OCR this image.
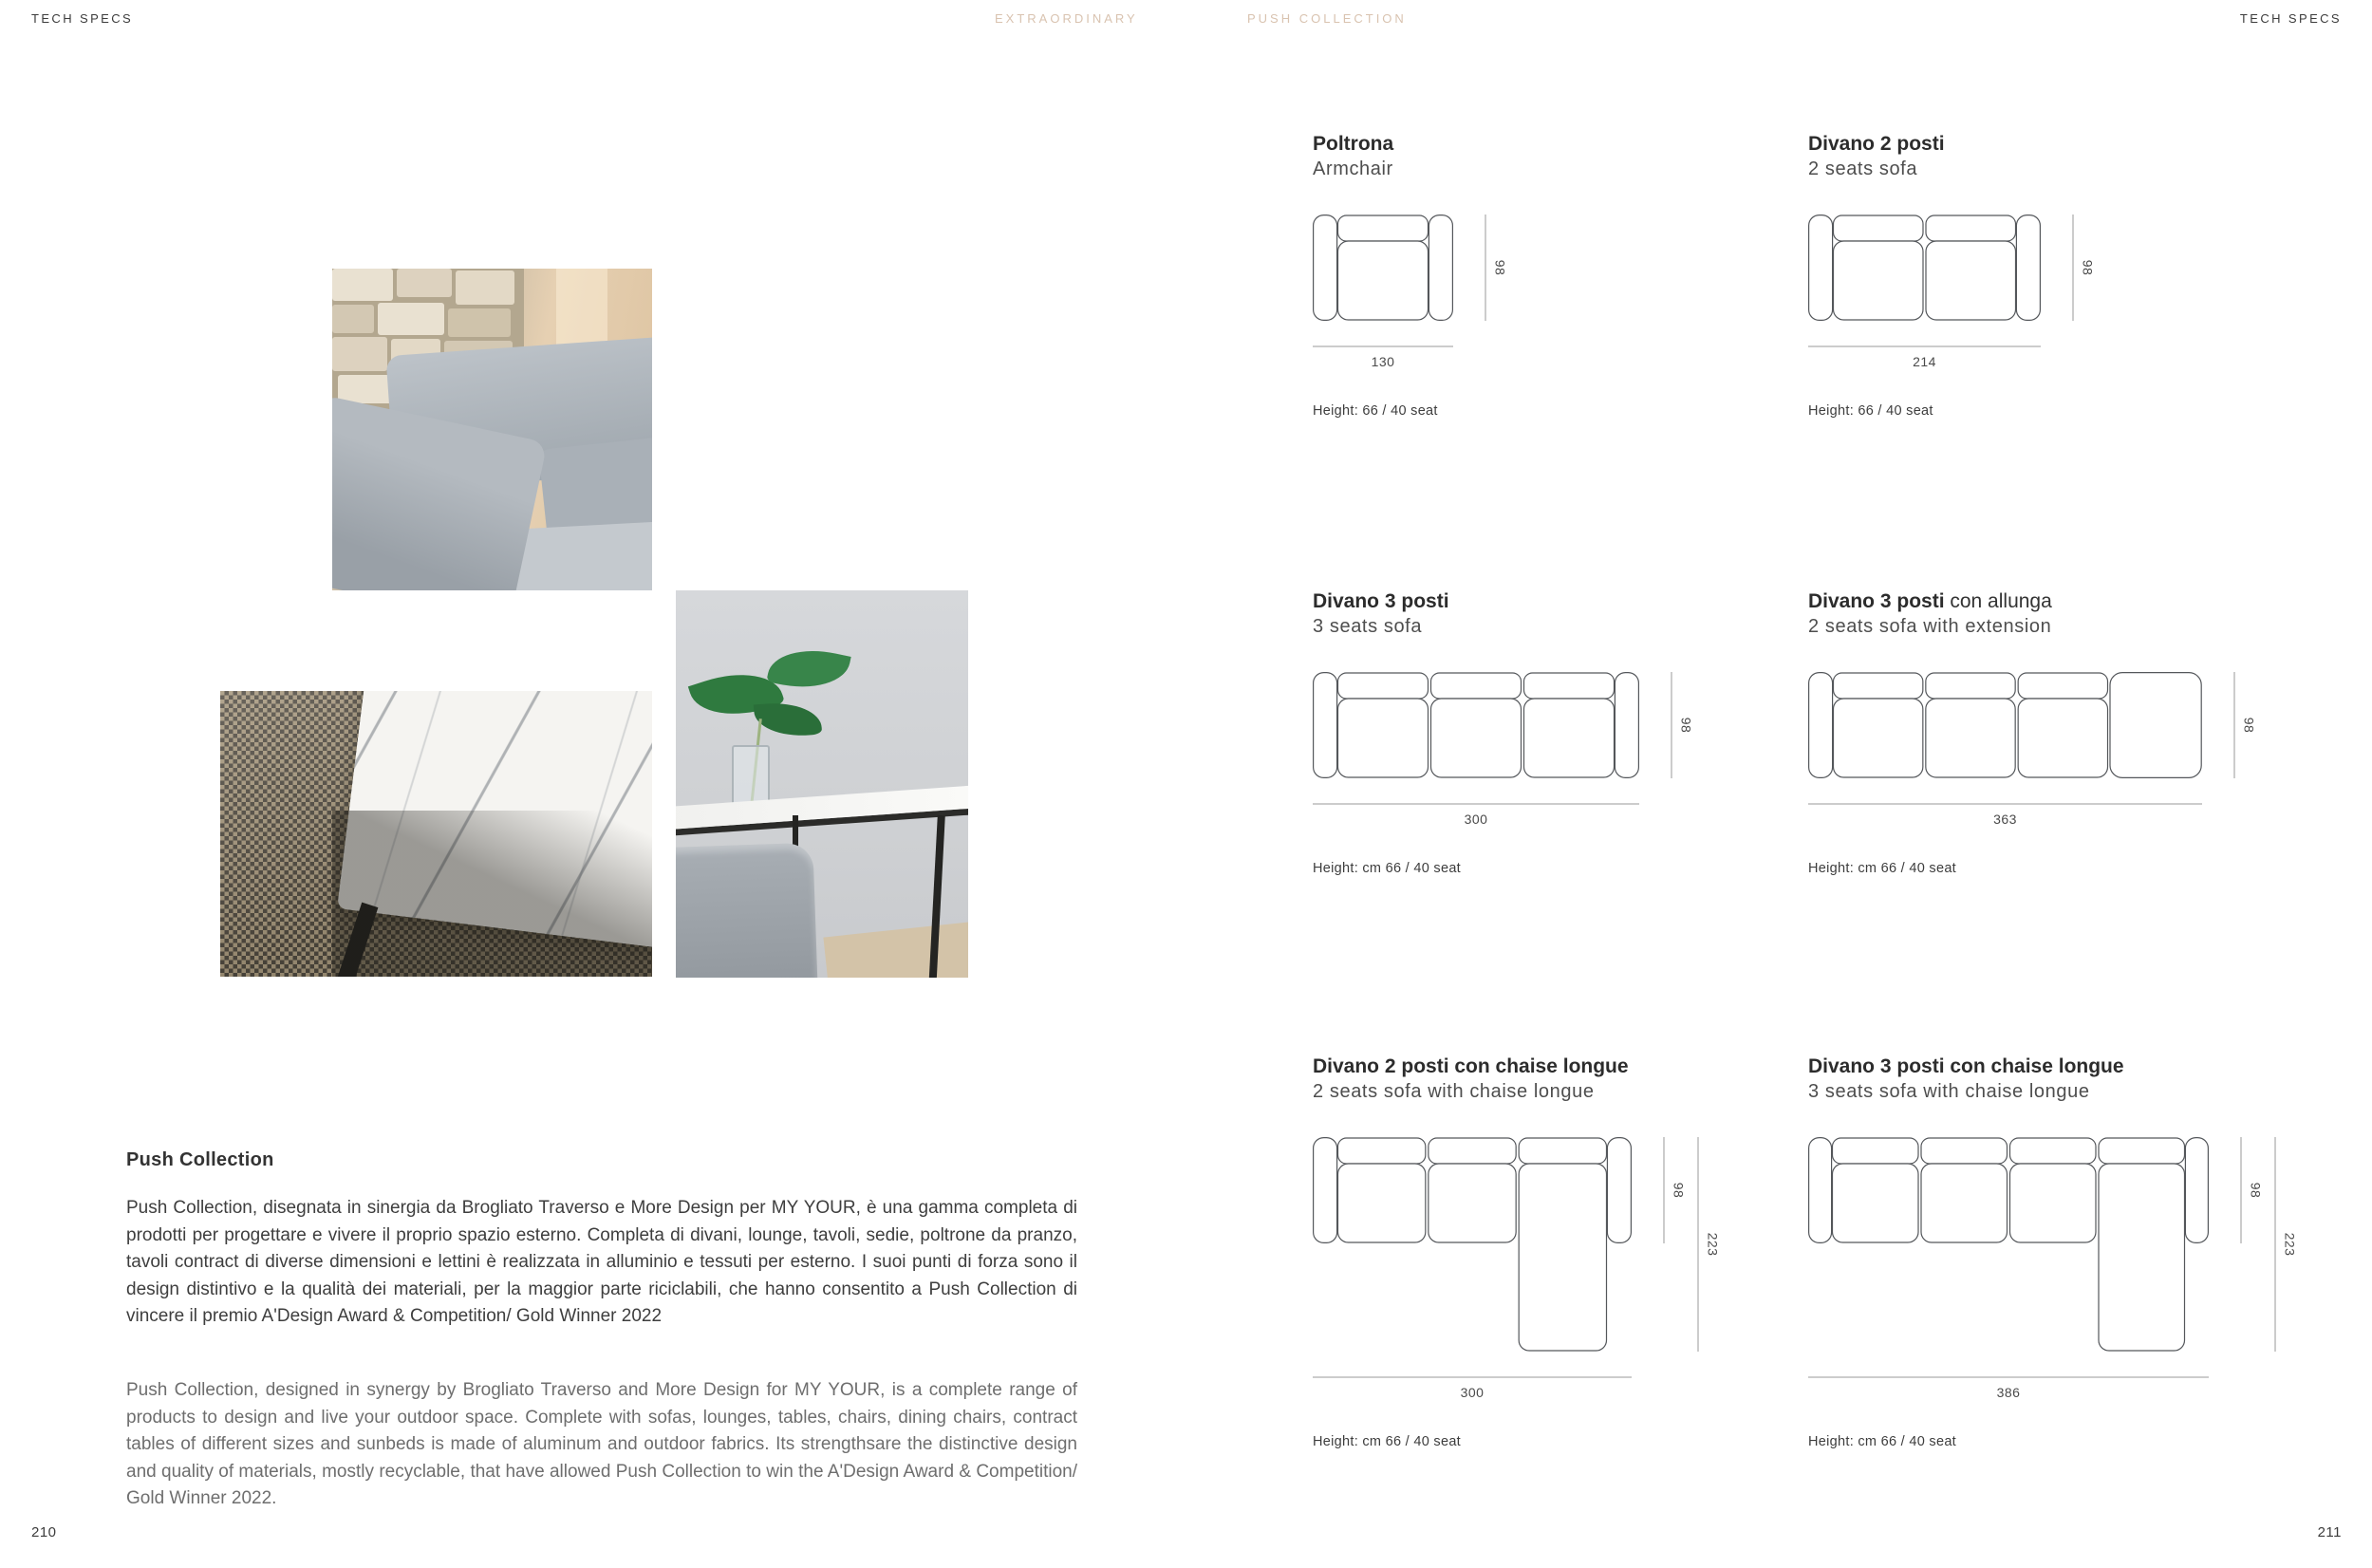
TECH SPECS	EXTRAORDINARY	PUSH COLLECTION	TECH SPECS
Push Collection

Push Collection, disegnata in sinergia da Brogliato Traverso e More Design per MY YOUR, è una gamma completa di prodotti per progettare e vivere il proprio spazio esterno. Completa di divani, lounge, tavoli, sedie, poltrone da pranzo, tavoli contract di diverse dimensioni e lettini è realizzata in alluminio e tessuti per esterno. I suoi punti di forza sono il design distintivo e la qualità dei materiali, per la maggior parte riciclabili, che hanno consentito a Push Collection di vincere il premio A'Design Award & Competition/ Gold Winner 2022

Push Collection, designed in synergy by Brogliato Traverso and More Design for MY YOUR, is a complete range of products to design and live your outdoor space. Complete with sofas, lounges, tables, chairs, dining chairs, contract tables of different sizes and sunbeds is made of aluminum and outdoor fabrics. Its strengthsare the distinctive design and quality of materials, mostly recyclable, that have allowed Push Collection to win the A'Design Award & Competition/ Gold Winner 2022.

210	211
Poltrona

Armchair

130
98

Height: 66 / 40 seat

Divano 2 posti

2 seats sofa

214
98

Height: 66 / 40 seat

Divano 3 posti

3 seats sofa

300
98

Height: cm 66 / 40 seat

Divano 3 posti con allunga

2 seats sofa with extension

363
98

Height: cm 66 / 40 seat

Divano 2 posti con chaise longue

2 seats sofa with chaise longue

300
98
223

Height: cm 66 / 40 seat

Divano 3 posti con chaise longue

3 seats sofa with chaise longue

386
98
223

Height: cm 66 / 40 seat
